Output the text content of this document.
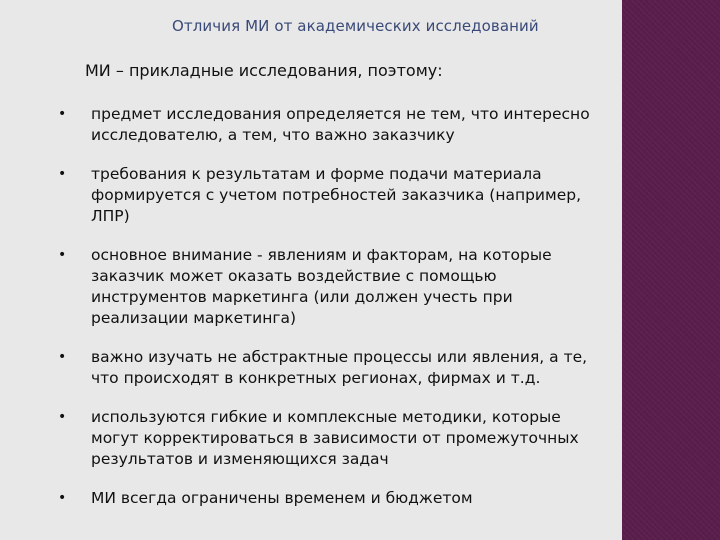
Отличия МИ от академических исследований
МИ – прикладные исследования, поэтому:
• предмет исследования определяется не тем, что интересно исследователю, а тем, что важно заказчику
• требования к результатам и форме подачи материала формируется с учетом потребностей заказчика (например, ЛПР)
• основное внимание - явлениям и факторам, на которые заказчик может оказать воздействие с помощью инструментов маркетинга (или должен учесть при реализации маркетинга)
• важно изучать не абстрактные процессы или явления, а те, что происходят в конкретных регионах, фирмах и т.д.
• используются гибкие и комплексные методики, которые могут корректироваться в зависимости от промежуточных результатов и изменяющихся задач
• МИ всегда ограничены временем и бюджетом
